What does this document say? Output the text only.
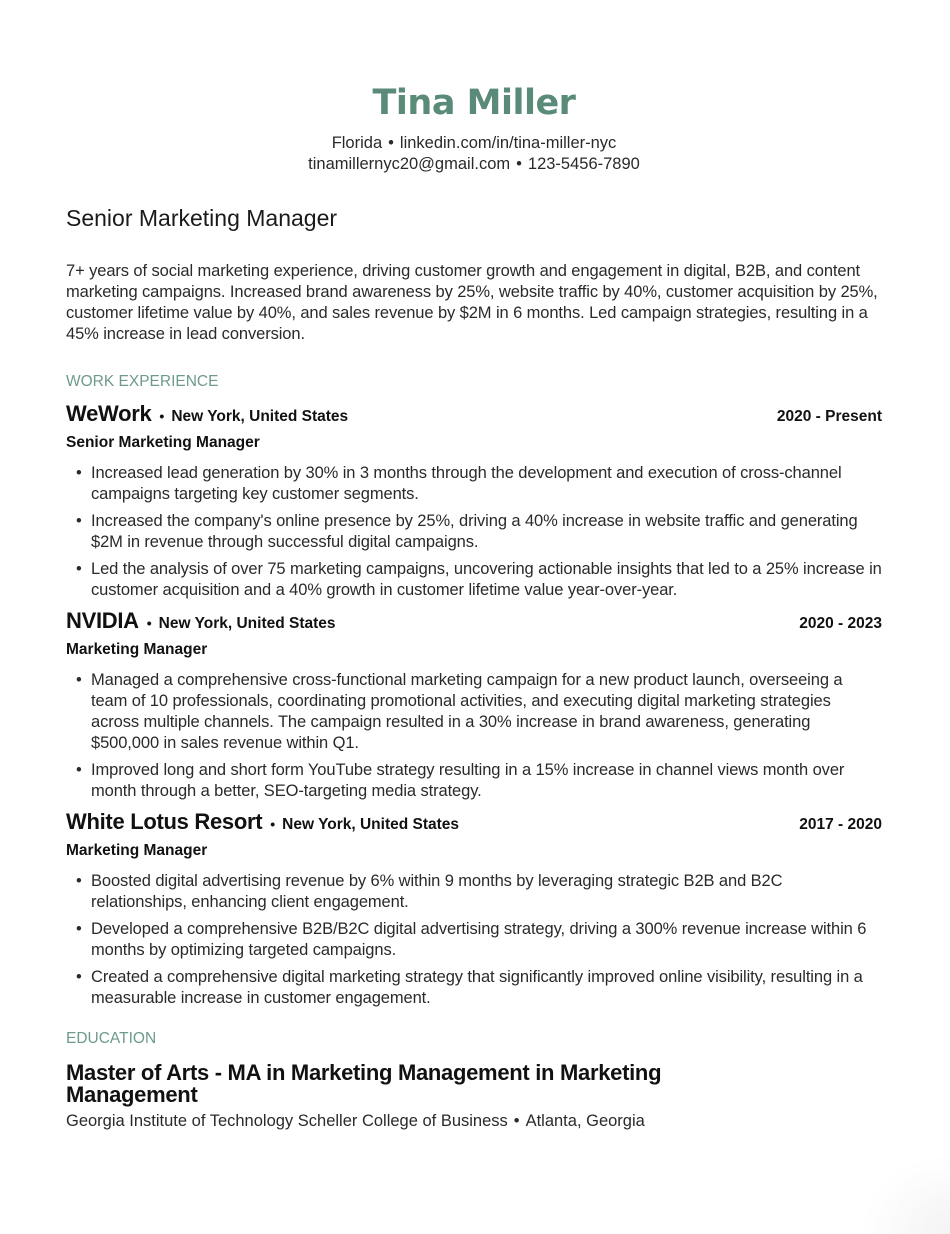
Tina Miller
Florida • linkedin.com/in/tina-miller-nyc
tinamillernyc20@gmail.com • 123-5456-7890
Senior Marketing Manager

7+ years of social marketing experience, driving customer growth and engagement in digital, B2B, and content marketing campaigns. Increased brand awareness by 25%, website traffic by 40%, customer acquisition by 25%, customer lifetime value by 40%, and sales revenue by $2M in 6 months. Led campaign strategies, resulting in a 45% increase in lead conversion.

WORK EXPERIENCE
WeWork • New York, United States	2020 - Present
Senior Marketing Manager
• Increased lead generation by 30% in 3 months through the development and execution of cross-channel campaigns targeting key customer segments.
• Increased the company's online presence by 25%, driving a 40% increase in website traffic and generating $2M in revenue through successful digital campaigns.
• Led the analysis of over 75 marketing campaigns, uncovering actionable insights that led to a 25% increase in customer acquisition and a 40% growth in customer lifetime value year-over-year.
NVIDIA • New York, United States	2020 - 2023
Marketing Manager
• Managed a comprehensive cross-functional marketing campaign for a new product launch, overseeing a team of 10 professionals, coordinating promotional activities, and executing digital marketing strategies across multiple channels. The campaign resulted in a 30% increase in brand awareness, generating $500,000 in sales revenue within Q1.
• Improved long and short form YouTube strategy resulting in a 15% increase in channel views month over month through a better, SEO-targeting media strategy.
White Lotus Resort • New York, United States	2017 - 2020
Marketing Manager
• Boosted digital advertising revenue by 6% within 9 months by leveraging strategic B2B and B2C relationships, enhancing client engagement.
• Developed a comprehensive B2B/B2C digital advertising strategy, driving a 300% revenue increase within 6 months by optimizing targeted campaigns.
• Created a comprehensive digital marketing strategy that significantly improved online visibility, resulting in a measurable increase in customer engagement.
EDUCATION
Master of Arts - MA in Marketing Management in Marketing Management
Georgia Institute of Technology Scheller College of Business • Atlanta, Georgia
